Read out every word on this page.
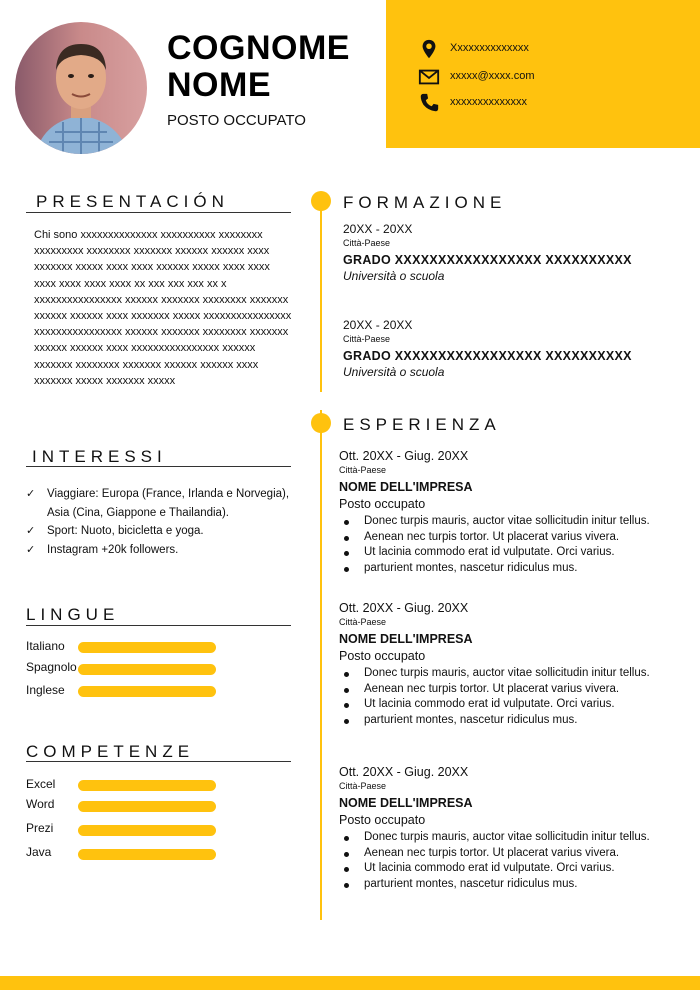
COGNOME
NOME
POSTO OCCUPATO
Xxxxxxxxxxxxxx
xxxxx@xxxx.com
xxxxxxxxxxxxxx
PRESENTACIÓN
Chi sono xxxxxxxxxxxxxx xxxxxxxxxx xxxxxxxx xxxxxxxxx xxxxxxxx xxxxxxx xxxxxx xxxxxx xxxx xxxxxxx xxxxx xxxx xxxx xxxxxx xxxxx xxxx xxxx xxxx xxxx xxxx xxxx xx xxx xxx xxx xx x xxxxxxxxxxxxxxxx xxxxxx xxxxxxx xxxxxxxx xxxxxxx xxxxxx xxxxxx xxxx xxxxxxx xxxxx xxxxxxxxxxxxxxxx xxxxxxxxxxxxxxxx xxxxxx xxxxxxx xxxxxxxx xxxxxxx xxxxxx xxxxxx xxxx xxxxxxxxxxxxxxxx xxxxxx xxxxxxx xxxxxxxx xxxxxxx xxxxxx xxxxxx xxxx xxxxxxx xxxxx xxxxxxx xxxxx
INTERESSI
✓ Viaggiare: Europa (France, Irlanda e Norvegia), Asia (Cina, Giappone e Thailandia).
✓ Sport: Nuoto, bicicletta e yoga.
✓ Instagram +20k followers.
LINGUE
Italiano
Spagnolo
Inglese
COMPETENZE
Excel
Word
Prezi
Java
FORMAZIONE
20XX - 20XX
Città-Paese
GRADO XXXXXXXXXXXXXXXXX XXXXXXXXXX
Università o scuola
20XX - 20XX
Città-Paese
GRADO XXXXXXXXXXXXXXXXX XXXXXXXXXX
Università o scuola
ESPERIENZA
Ott. 20XX - Giug. 20XX
Città-Paese
NOME DELL'IMPRESA
Posto occupato
Donec turpis mauris, auctor vitae sollicitudin initur tellus.
Aenean nec turpis tortor. Ut placerat varius vivera.
Ut lacinia commodo erat id vulputate. Orci varius.
parturient montes, nascetur ridiculus mus.
Ott. 20XX - Giug. 20XX
Città-Paese
NOME DELL'IMPRESA
Posto occupato
Donec turpis mauris, auctor vitae sollicitudin initur tellus.
Aenean nec turpis tortor. Ut placerat varius vivera.
Ut lacinia commodo erat id vulputate. Orci varius.
parturient montes, nascetur ridiculus mus.
Ott. 20XX - Giug. 20XX
Città-Paese
NOME DELL'IMPRESA
Posto occupato
Donec turpis mauris, auctor vitae sollicitudin initur tellus.
Aenean nec turpis tortor. Ut placerat varius vivera.
Ut lacinia commodo erat id vulputate. Orci varius.
parturient montes, nascetur ridiculus mus.
